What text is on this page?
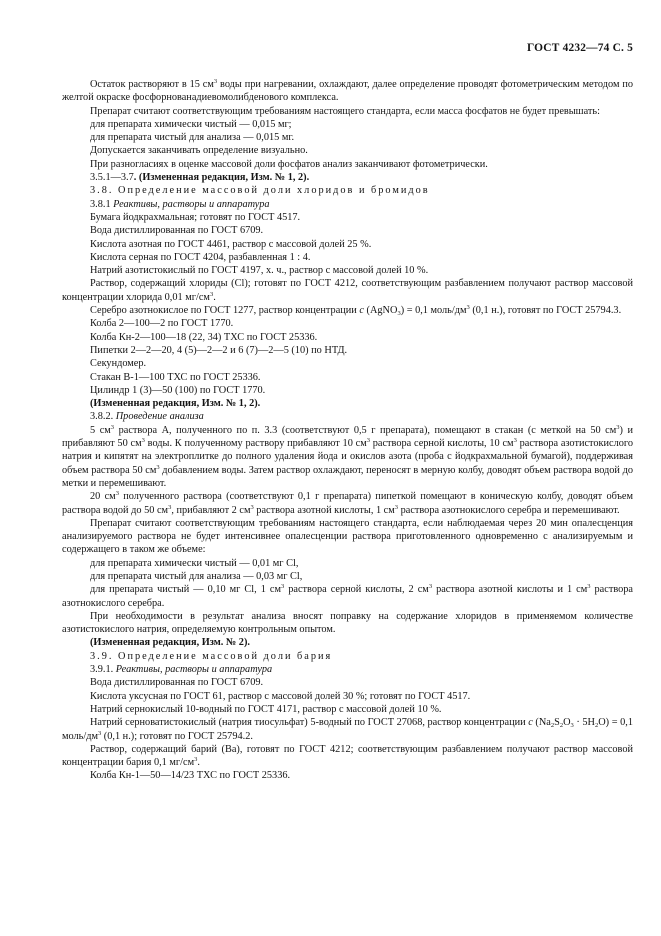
ГОСТ 4232—74 С. 5

Остаток растворяют в 15 $см^3$ воды при нагревании, охлаждают, далее определение проводят фотометрическим методом по желтой окраске фосфорнованадиевомолибденового комплекса.

Препарат считают соответствующим требованиям настоящего стандарта, если масса фосфатов не будет превышать:

для препарата химически чистый — 0,015 мг;

для препарата чистый для анализа — 0,015 мг.

Допускается заканчивать определение визуально.

При разногласиях в оценке массовой доли фосфатов анализ заканчивают фотометрически.

3.5.1—3.7. (Измененная редакция, Изм. № 1, 2).

3.8. Определение массовой доли хлоридов и бромидов

3.8.1 Реактивы, растворы и аппаратура

Бумага йодкрахмальная; готовят по ГОСТ 4517.

Вода дистиллированная по ГОСТ 6709.

Кислота азотная по ГОСТ 4461, раствор с массовой долей 25 %.

Кислота серная по ГОСТ 4204, разбавленная 1 : 4.

Натрий азотистокислый по ГОСТ 4197, х. ч., раствор с массовой долей 10 %.

Раствор, содержащий хлориды (Cl); готовят по ГОСТ 4212, соответствующим разбавлением получают раствор массовой концентрации хлорида 0,01 $мг/см^3$.

Серебро азотнокислое по ГОСТ 1277, раствор концентрации c (AgNO$_3$) = 0,1 моль/$дм^3$ (0,1 н.), готовят по ГОСТ 25794.3.

Колба 2—100—2 по ГОСТ 1770.

Колба Кн-2—100—18 (22, 34) ТХС по ГОСТ 25336.

Пипетки 2—2—20, 4 (5)—2—2 и 6 (7)—2—5 (10) по НТД.

Секундомер.

Стакан В-1—100 ТХС по ГОСТ 25336.

Цилиндр 1 (3)—50 (100) по ГОСТ 1770.

(Измененная редакция, Изм. № 1, 2).

3.8.2. Проведение анализа

5 $см^3$ раствора А, полученного по п. 3.3 (соответствуют 0,5 г препарата), помещают в стакан (с меткой на 50 $см^3$) и прибавляют 50 $см^3$ воды. К полученному раствору прибавляют 10 $см^3$ раствора серной кислоты, 10 $см^3$ раствора азотистокислого натрия и кипятят на электроплитке до полного удаления йода и окислов азота (проба с йодкрахмальной бумагой), поддерживая объем раствора 50 $см^3$ добавлением воды. Затем раствор охлаждают, переносят в мерную колбу, доводят объем раствора водой до метки и перемешивают.

20 $см^3$ полученного раствора (соответствуют 0,1 г препарата) пипеткой помещают в коническую колбу, доводят объем раствора водой до 50 $см^3$, прибавляют 2 $см^3$ раствора азотной кислоты, 1 $см^3$ раствора азотнокислого серебра и перемешивают.

Препарат считают соответствующим требованиям настоящего стандарта, если наблюдаемая через 20 мин опалесценция анализируемого раствора не будет интенсивнее опалесценции раствора приготовленного одновременно с анализируемым и содержащего в таком же объеме:

для препарата химически чистый — 0,01 мг Cl,

для препарата чистый для анализа — 0,03 мг Cl,

для препарата чистый — 0,10 мг Cl, 1 $см^3$ раствора серной кислоты, 2 $см^3$ раствора азотной кислоты и 1 $см^3$ раствора азотнокислого серебра.

При необходимости в результат анализа вносят поправку на содержание хлоридов в применяемом количестве азотистокислого натрия, определяемую контрольным опытом.

(Измененная редакция, Изм. № 2).

3.9. Определение массовой доли бария

3.9.1. Реактивы, растворы и аппаратура

Вода дистиллированная по ГОСТ 6709.

Кислота уксусная по ГОСТ 61, раствор с массовой долей 30 %; готовят по ГОСТ 4517.

Натрий сернокислый 10-водный по ГОСТ 4171, раствор с массовой долей 10 %.

Натрий серноватистокислый (натрия тиосульфат) 5-водный по ГОСТ 27068, раствор концентрации c $(Na_2S_2O_3 \cdot 5H_2O) = 0,1$ моль/$дм^3$ (0,1 н.); готовят по ГОСТ 25794.2.

Раствор, содержащий барий (Ва), готовят по ГОСТ 4212; соответствующим разбавлением получают раствор массовой концентрации бария 0,1 $мг/см^3$.

Колба Кн-1—50—14/23 ТХС по ГОСТ 25336.
